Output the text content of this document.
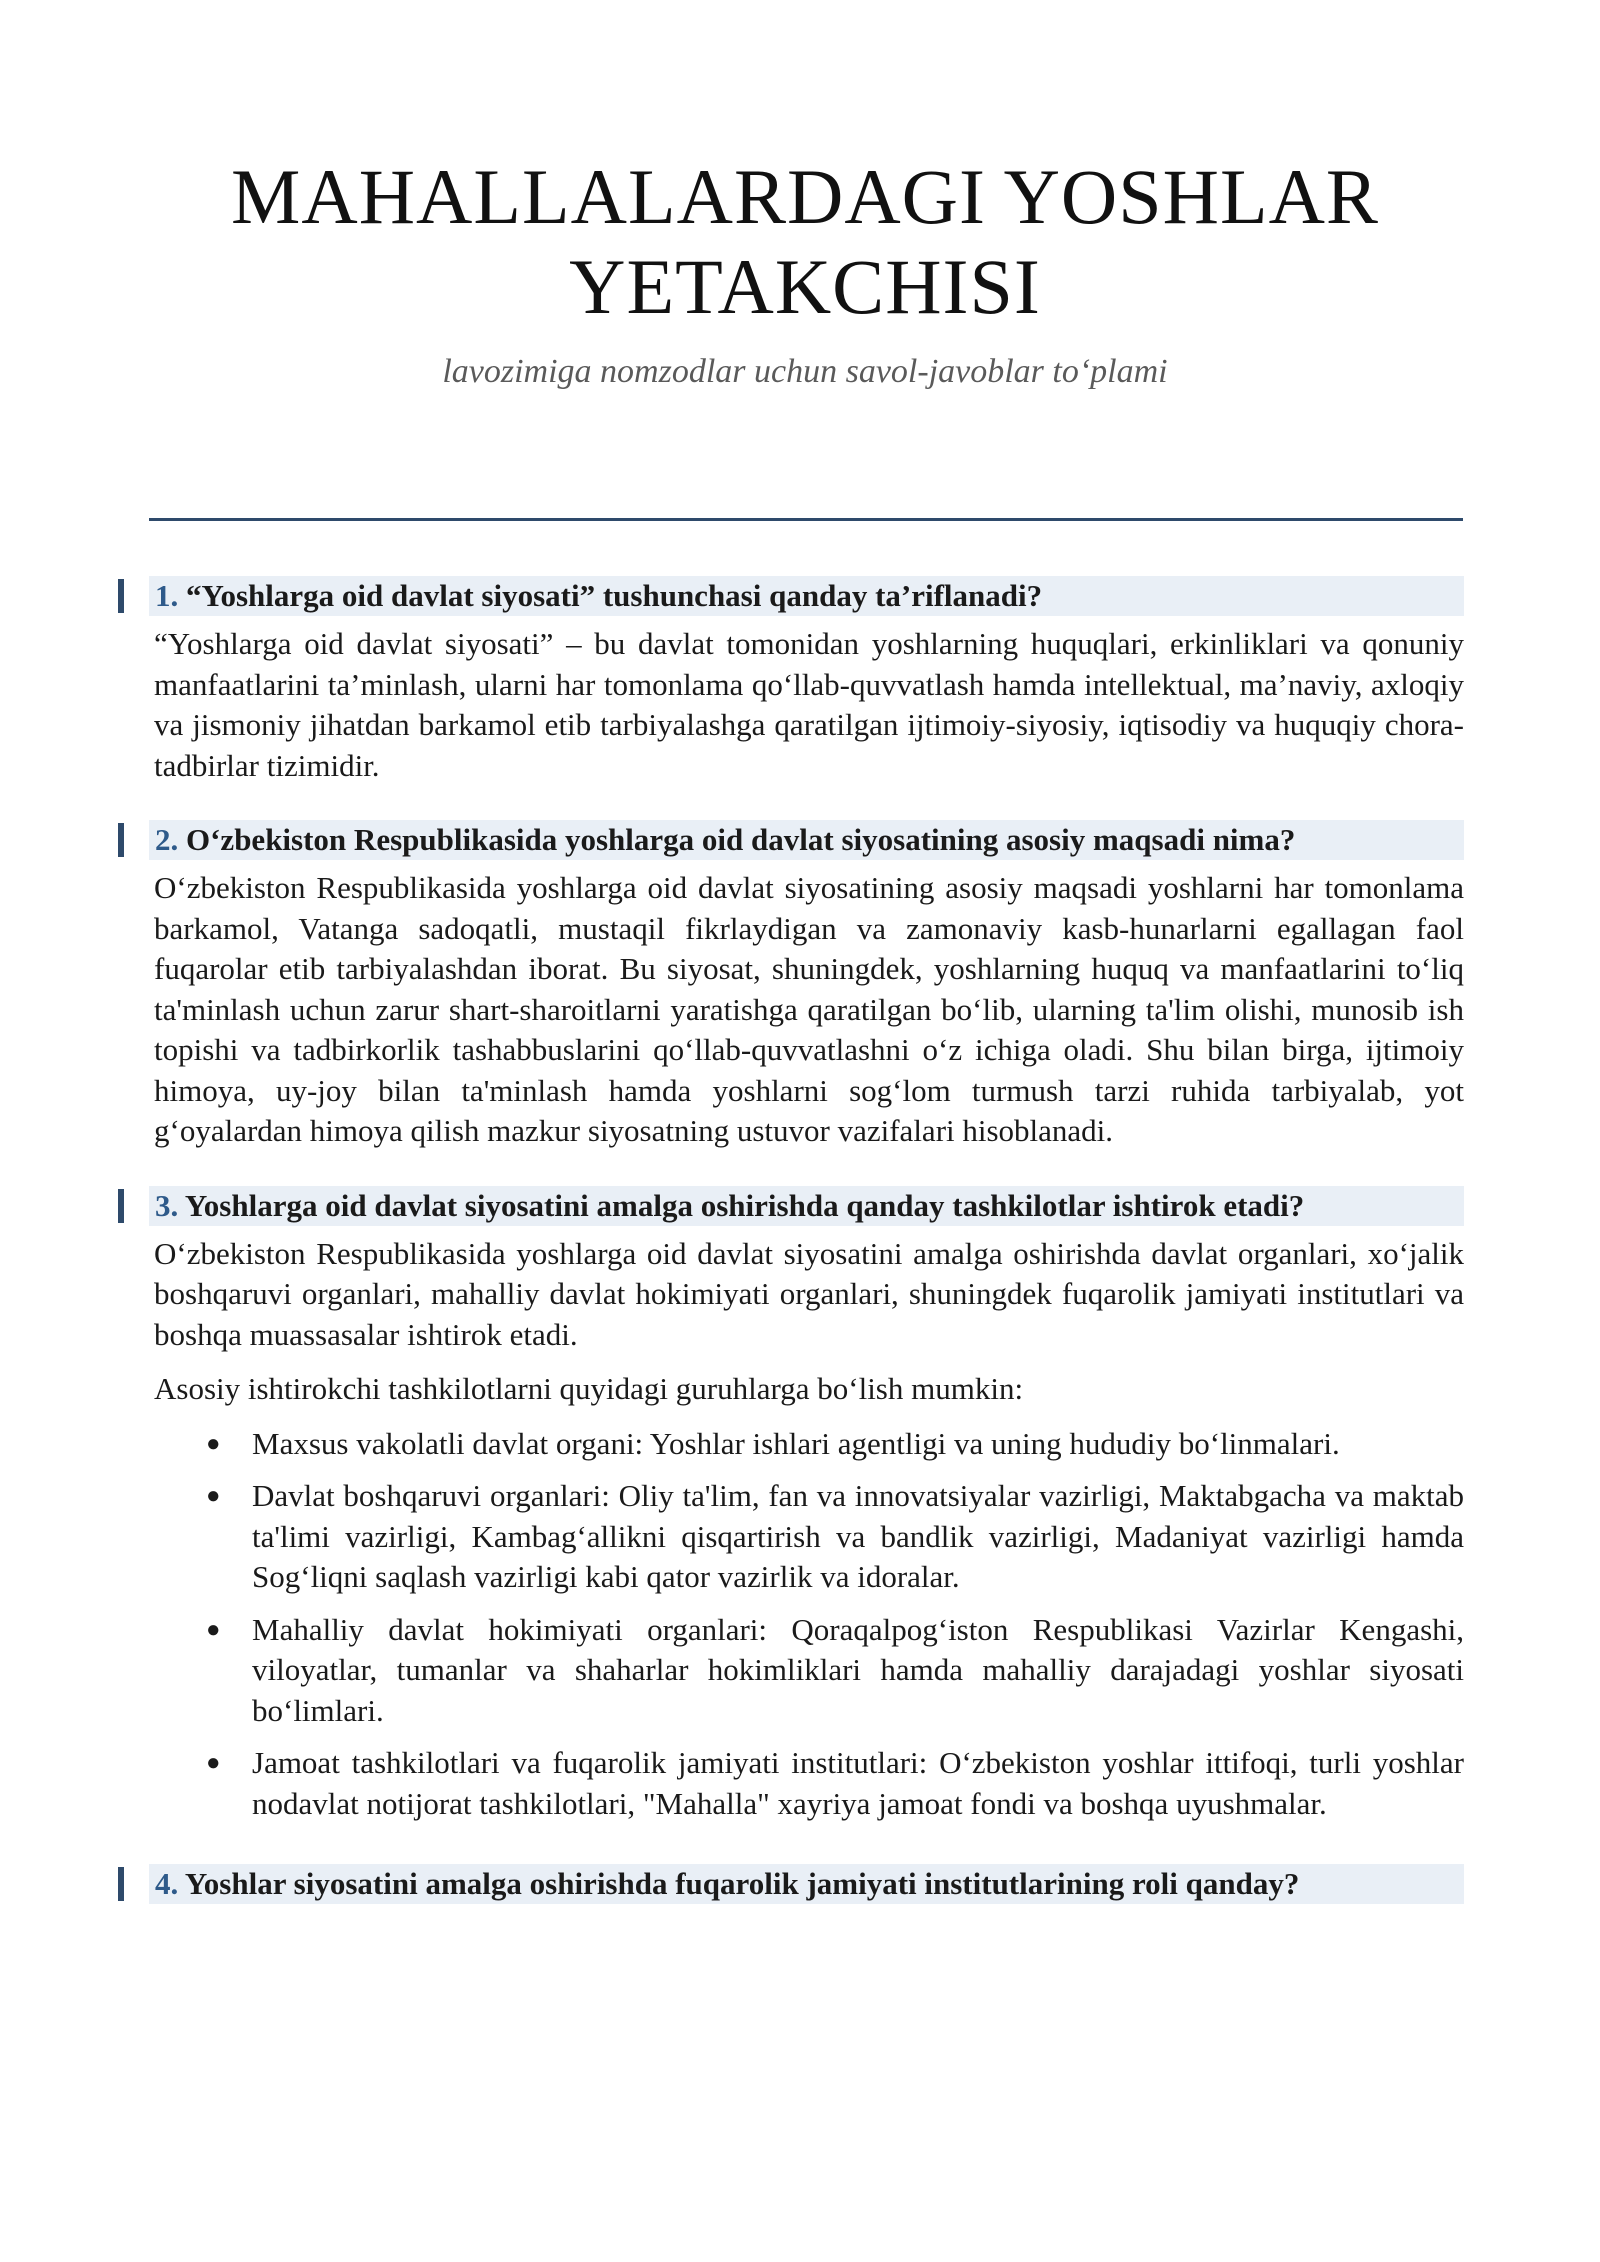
MAHALLALARDAGI YOSHLAR
YETAKCHISI
lavozimiga nomzodlar uchun savol-javoblar to‘plami
1. “Yoshlarga oid davlat siyosati” tushunchasi qanday ta’riflanadi?
“Yoshlarga oid davlat siyosati” – bu davlat tomonidan yoshlarning huquqlari, erkinliklari va qonuniy manfaatlarini ta’minlash, ularni har tomonlama qo‘llab-quvvatlash hamda intellektual, ma’naviy, axloqiy va jismoniy jihatdan barkamol etib tarbiyalashga qaratilgan ijtimoiy-siyosiy, iqtisodiy va huquqiy chora-tadbirlar tizimidir.
2. O‘zbekiston Respublikasida yoshlarga oid davlat siyosatining asosiy maqsadi nima?
O‘zbekiston Respublikasida yoshlarga oid davlat siyosatining asosiy maqsadi yoshlarni har tomonlama barkamol, Vatanga sadoqatli, mustaqil fikrlaydigan va zamonaviy kasb-hunarlarni egallagan faol fuqarolar etib tarbiyalashdan iborat. Bu siyosat, shuningdek, yoshlarning huquq va manfaatlarini to‘liq ta'minlash uchun zarur shart-sharoitlarni yaratishga qaratilgan bo‘lib, ularning ta'lim olishi, munosib ish topishi va tadbirkorlik tashabbuslarini qo‘llab-quvvatlashni o‘z ichiga oladi. Shu bilan birga, ijtimoiy himoya, uy-joy bilan ta'minlash hamda yoshlarni sog‘lom turmush tarzi ruhida tarbiyalab, yot g‘oyalardan himoya qilish mazkur siyosatning ustuvor vazifalari hisoblanadi.
3. Yoshlarga oid davlat siyosatini amalga oshirishda qanday tashkilotlar ishtirok etadi?
O‘zbekiston Respublikasida yoshlarga oid davlat siyosatini amalga oshirishda davlat organlari, xo‘jalik boshqaruvi organlari, mahalliy davlat hokimiyati organlari, shuningdek fuqarolik jamiyati institutlari va boshqa muassasalar ishtirok etadi.
Asosiy ishtirokchi tashkilotlarni quyidagi guruhlarga bo‘lish mumkin:
● Maxsus vakolatli davlat organi: Yoshlar ishlari agentligi va uning hududiy bo‘linmalari.
● Davlat boshqaruvi organlari: Oliy ta'lim, fan va innovatsiyalar vazirligi, Maktabgacha va maktab ta'limi vazirligi, Kambag‘allikni qisqartirish va bandlik vazirligi, Madaniyat vazirligi hamda Sog‘liqni saqlash vazirligi kabi qator vazirlik va idoralar.
● Mahalliy davlat hokimiyati organlari: Qoraqalpog‘iston Respublikasi Vazirlar Kengashi, viloyatlar, tumanlar va shaharlar hokimliklari hamda mahalliy darajadagi yoshlar siyosati bo‘limlari.
● Jamoat tashkilotlari va fuqarolik jamiyati institutlari: O‘zbekiston yoshlar ittifoqi, turli yoshlar nodavlat notijorat tashkilotlari, "Mahalla" xayriya jamoat fondi va boshqa uyushmalar.
4. Yoshlar siyosatini amalga oshirishda fuqarolik jamiyati institutlarining roli qanday?
